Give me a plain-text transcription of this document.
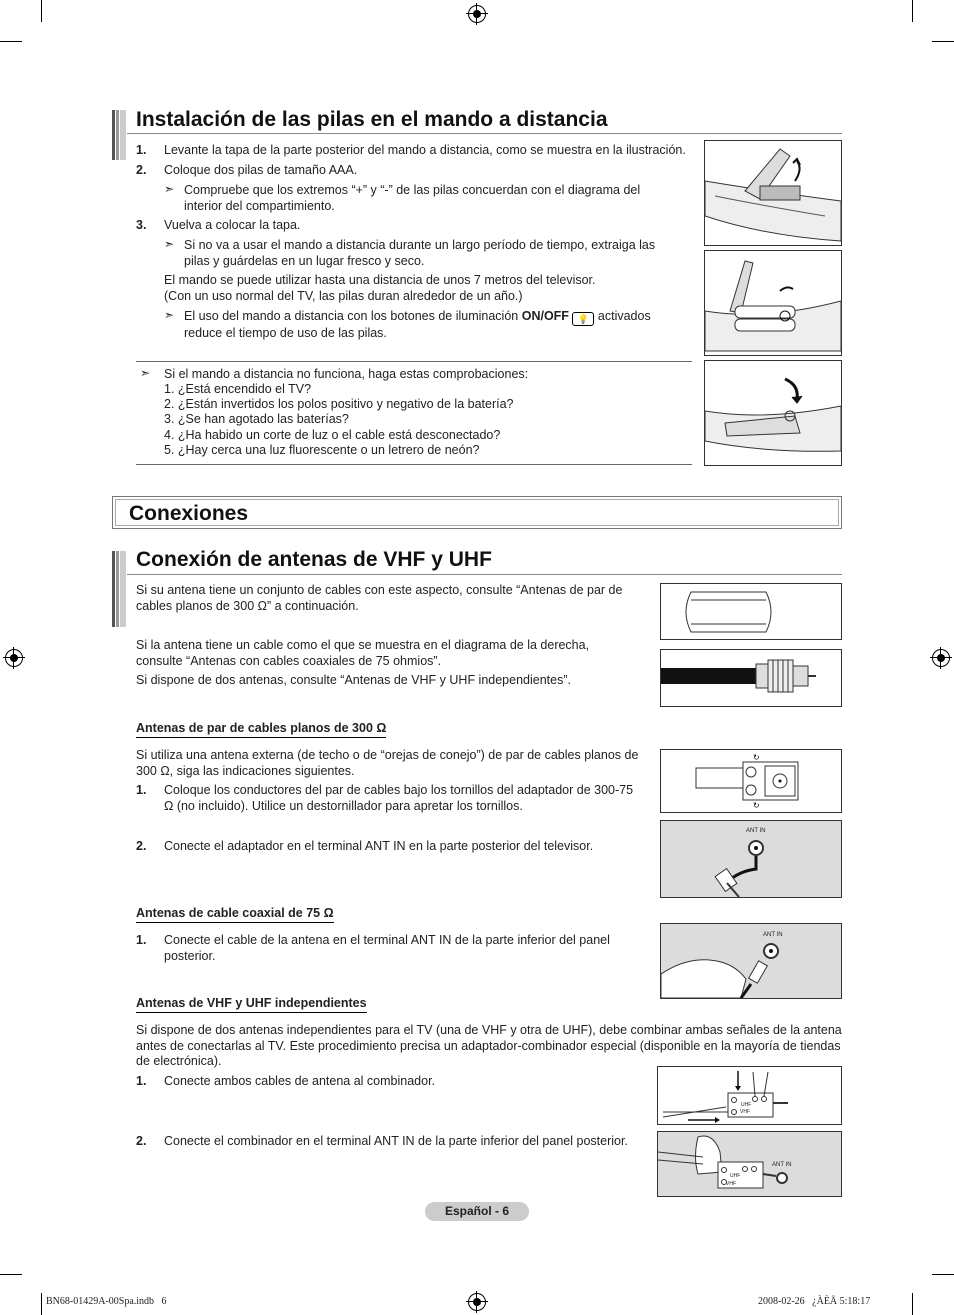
Instalación de las pilas en el mando a distancia
1. Levante la tapa de la parte posterior del mando a distancia, como se muestra en la ilustración.
2. Coloque dos pilas de tamaño AAA.
➣ Compruebe que los extremos “+” y “-” de las pilas concuerdan con el diagrama del interior del compartimiento.
3. Vuelva a colocar la tapa.
➣ Si no va a usar el mando a distancia durante un largo período de tiempo, extraiga las pilas y guárdelas en un lugar fresco y seco.
El mando se puede utilizar hasta una distancia de unos 7 metros del televisor.
(Con un uso normal del TV, las pilas duran alrededor de un año.)
➣ El uso del mando a distancia con los botones de iluminación ON/OFF 💡 activados reduce el tiempo de uso de las pilas.
➣ Si el mando a distancia no funciona, haga estas comprobaciones:
1. ¿Está encendido el TV?
2. ¿Están invertidos los polos positivo y negativo de la batería?
3. ¿Se han agotado las baterías?
4. ¿Ha habido un corte de luz o el cable está desconectado?
5. ¿Hay cerca una luz fluorescente o un letrero de neón?
Conexiones
Conexión de antenas de VHF y UHF
Si su antena tiene un conjunto de cables con este aspecto, consulte “Antenas de par de cables planos de 300 Ω” a continuación.
Si la antena tiene un cable como el que se muestra en el diagrama de la derecha, consulte “Antenas con cables coaxiales de 75 ohmios”.
Si dispone de dos antenas, consulte “Antenas de VHF y UHF independientes”.
Antenas de par de cables planos de 300 Ω
Si utiliza una antena externa (de techo o de “orejas de conejo”) de par de cables planos de 300 Ω, siga las indicaciones siguientes.
1. Coloque los conductores del par de cables bajo los tornillos del adaptador de 300-75 Ω (no incluido). Utilice un destornillador para apretar los tornillos.
2. Conecte el adaptador en el terminal ANT IN en la parte posterior del televisor.
↻
↻
ANT IN
Antenas de cable coaxial de 75 Ω
1. Conecte el cable de la antena en el terminal ANT IN de la parte inferior del panel posterior.
ANT IN
Antenas de VHF y UHF independientes
Si dispone de dos antenas independientes para el TV (una de VHF y otra de UHF), debe combinar ambas señales de la antena antes de conectarlas al TV. Este procedimiento precisa un adaptador-combinador especial (disponible en la mayoría de tiendas de electrónica).
1. Conecte ambos cables de antena al combinador.
2. Conecte el combinador en el terminal ANT IN de la parte inferior del panel posterior.
UHF
VHF
ANT IN
UHF
VHF
Español - 6
BN68-01429A-00Spa.indb   6	2008-02-26   ¿ÀÈÄ 5:18:17
